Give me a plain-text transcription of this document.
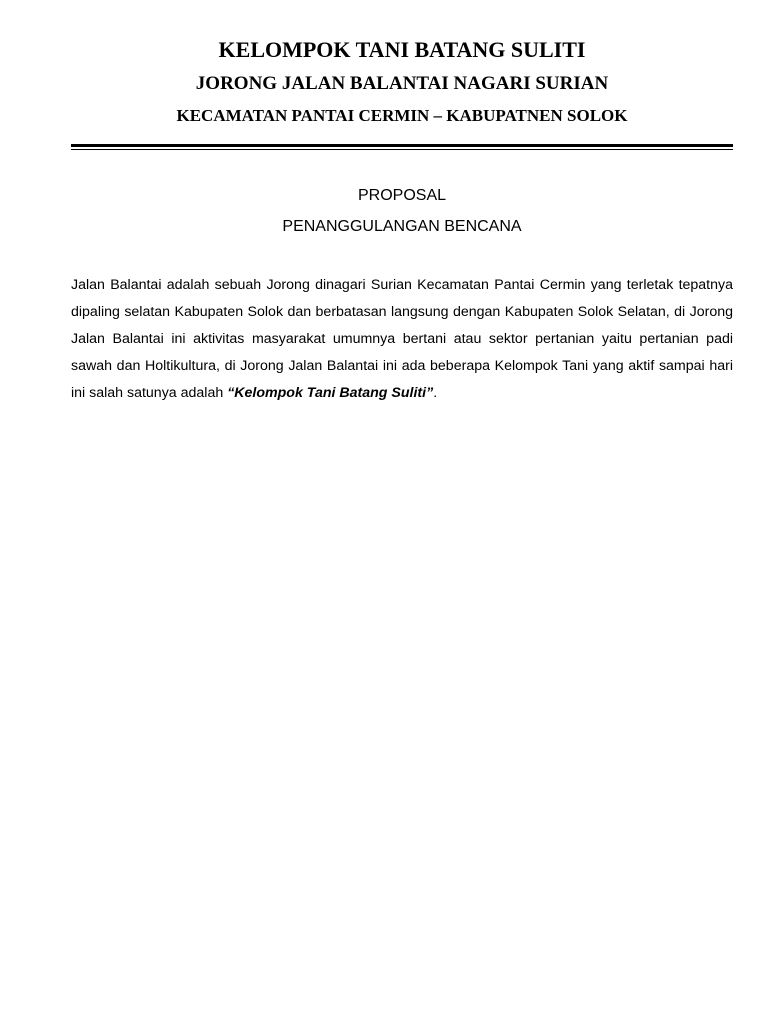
KELOMPOK TANI BATANG SULITI

JORONG JALAN BALANTAI NAGARI SURIAN

KECAMATAN PANTAI CERMIN – KABUPATNEN SOLOK

PROPOSAL

PENANGGULANGAN BENCANA

Jalan Balantai adalah sebuah Jorong dinagari Surian Kecamatan Pantai Cermin yang terletak tepatnya dipaling selatan Kabupaten Solok dan berbatasan langsung dengan Kabupaten Solok Selatan, di Jorong Jalan Balantai ini aktivitas masyarakat umumnya bertani atau sektor pertanian yaitu pertanian padi sawah dan Holtikultura, di Jorong Jalan Balantai ini ada beberapa Kelompok Tani yang aktif sampai hari ini salah satunya adalah “Kelompok Tani Batang Suliti”.
